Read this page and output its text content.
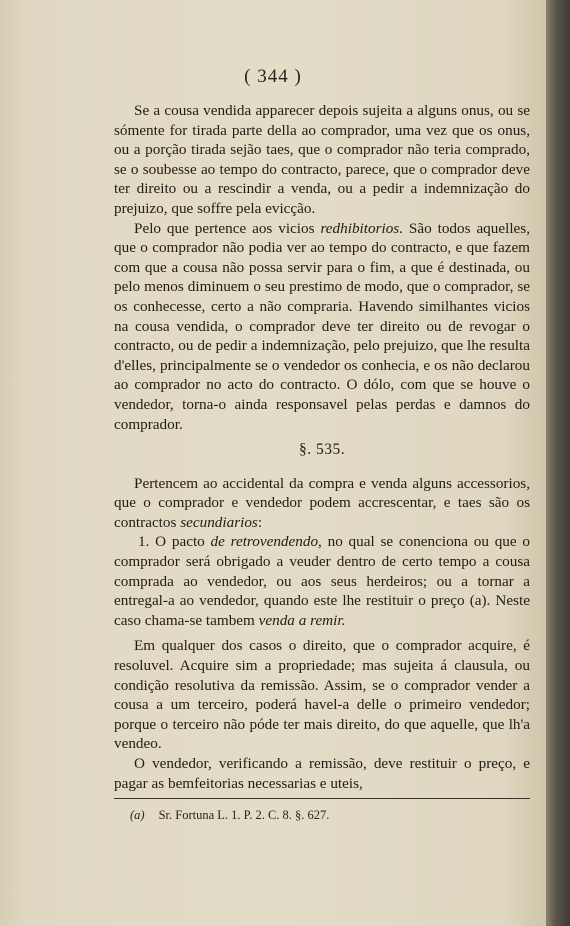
( 344 )

Se a cousa vendida apparecer depois sujeita a alguns onus, ou se sómente for tirada parte della ao comprador, uma vez que os onus, ou a porção tirada sejão taes, que o comprador não teria comprado, se o soubesse ao tempo do contracto, parece, que o comprador deve ter direito ou a rescindir a venda, ou a pedir a indemnização do prejuizo, que soffre pela evicção.

Pelo que pertence aos vicios redhibitorios. São todos aquelles, que o comprador não podia ver ao tempo do contracto, e que fazem com que a cousa não possa servir para o fim, a que é destinada, ou pelo menos diminuem o seu prestimo de modo, que o comprador, se os conhecesse, certo a não compraria. Havendo similhantes vicios na cousa vendida, o comprador deve ter direito ou de revogar o contracto, ou de pedir a indemnização, pelo prejuizo, que lhe resulta d'elles, principalmente se o vendedor os conhecia, e os não declarou ao comprador no acto do contracto. O dólo, com que se houve o vendedor, torna-o ainda responsavel pelas perdas e damnos do comprador.

§. 535.

Pertencem ao accidental da compra e venda alguns accessorios, que o comprador e vendedor podem accrescentar, e taes são os contractos secundiarios:

1. O pacto de retrovendendo, no qual se conenciona ou que o comprador será obrigado a veuder dentro de certo tempo a cousa comprada ao vendedor, ou aos seus herdeiros; ou a tornar a entregal-a ao vendedor, quando este lhe restituir o preço (a). Neste caso chama-se tambem venda a remir.

Em qualquer dos casos o direito, que o comprador acquire, é resoluvel. Acquire sim a propriedade; mas sujeita á clausula, ou condição resolutiva da remissão. Assim, se o comprador vender a cousa a um terceiro, poderá havel-a delle o primeiro vendedor; porque o terceiro não póde ter mais direito, do que aquelle, que lh'a vendeo.

O vendedor, verificando a remissão, deve restituir o preço, e pagar as bemfeitorias necessarias e uteis,

(a) Sr. Fortuna L. 1. P. 2. C. 8. §. 627.
